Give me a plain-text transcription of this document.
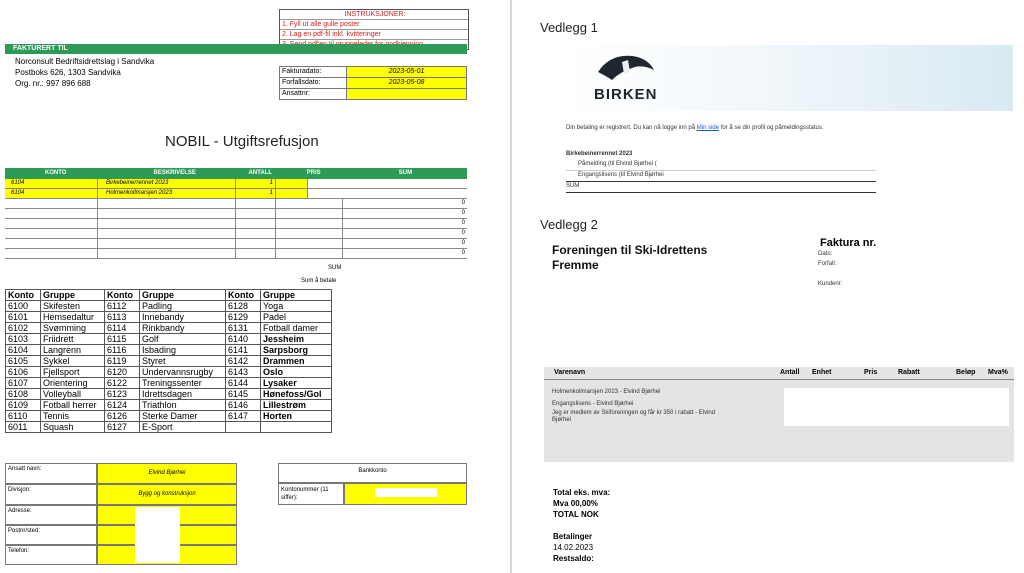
INSTRUKSJONER:
1. Fyll ut alle gulle poster
2. Lag en pdf-fil inkl. kvitteringer
FAKTURERT TIL
Norconsult Bedriftsidrettslag i Sandvika
Postboks 626, 1303 Sandvika
Org. nr.: 997 896 688
Fakturadato:	2023-05-01
Forfallsdato:	2023-05-08
Ansattnr:
NOBIL - Utgiftsrefusjon
KONTO	BESKRIVELSE	ANTALL	PRIS	SUM
6104	Birkebeinerrennet 2023	1
6104	Holmenkollmarsjen 2023	1
0
0
0
0
0
0
SUM
Sum å betale
Konto	Gruppe	Konto	Gruppe	Konto	Gruppe
6100	Skifesten	6112	Padling	6128	Yoga
6101	Hemsedaltur	6113	Innebandy	6129	Padel
6102	Svømming	6114	Rinkbandy	6131	Fotball damer
6103	Friidrett	6115	Golf	6140	Jessheim
6104	Langrenn	6116	Isbading	6141	Sarpsborg
6105	Sykkel	6119	Styret	6142	Drammen
6106	Fjellsport	6120	Undervannsrugby	6143	Oslo
6107	Orientering	6122	Treningssenter	6144	Lysaker
6108	Volleyball	6123	Idrettsdagen	6145	Hønefoss/Gol
6109	Fotball herrer	6124	Triathlon	6146	Lillestrøm
6110	Tennis	6126	Sterke Damer	6147	Horten
6011	Squash	6127	E-Sport		
Ansatt navn:
Elvind Bjørhei
Divisjon:
Bygg og konstruksjon
Adresse:
Postnr/sted:
Telefon:
Bankkonto
Kontonummer (11 siffer):
Vedlegg 1
BIRKEN
Din betaling er registrert. Du kan nå logge inn på Min side for å se din profil og påmeldingsstatus.
Birkebeinerrennet 2023
Påmelding (til Elvind Bjørhei (
Engangslisens (til Elvind Bjørhei
SUM
Vedlegg 2
Foreningen til Ski-Idrettens
Fremme
Faktura nr.
Dato:
Forfall:
Kundenr:
Varenavn	Antall Enhet	Pris	Rabatt	Beløp Mva%
Holmenkollmarsjen 2023 - Elvind Bjørhei
Engangslisens - Elvind Bjørhei
Jeg er medlem av Skiforeningen og får kr 350 i rabatt - Elvind
Bjørhei
Total eks. mva:
Mva 00,00%
TOTAL NOK
Betalinger
14.02.2023
Restsaldo:
